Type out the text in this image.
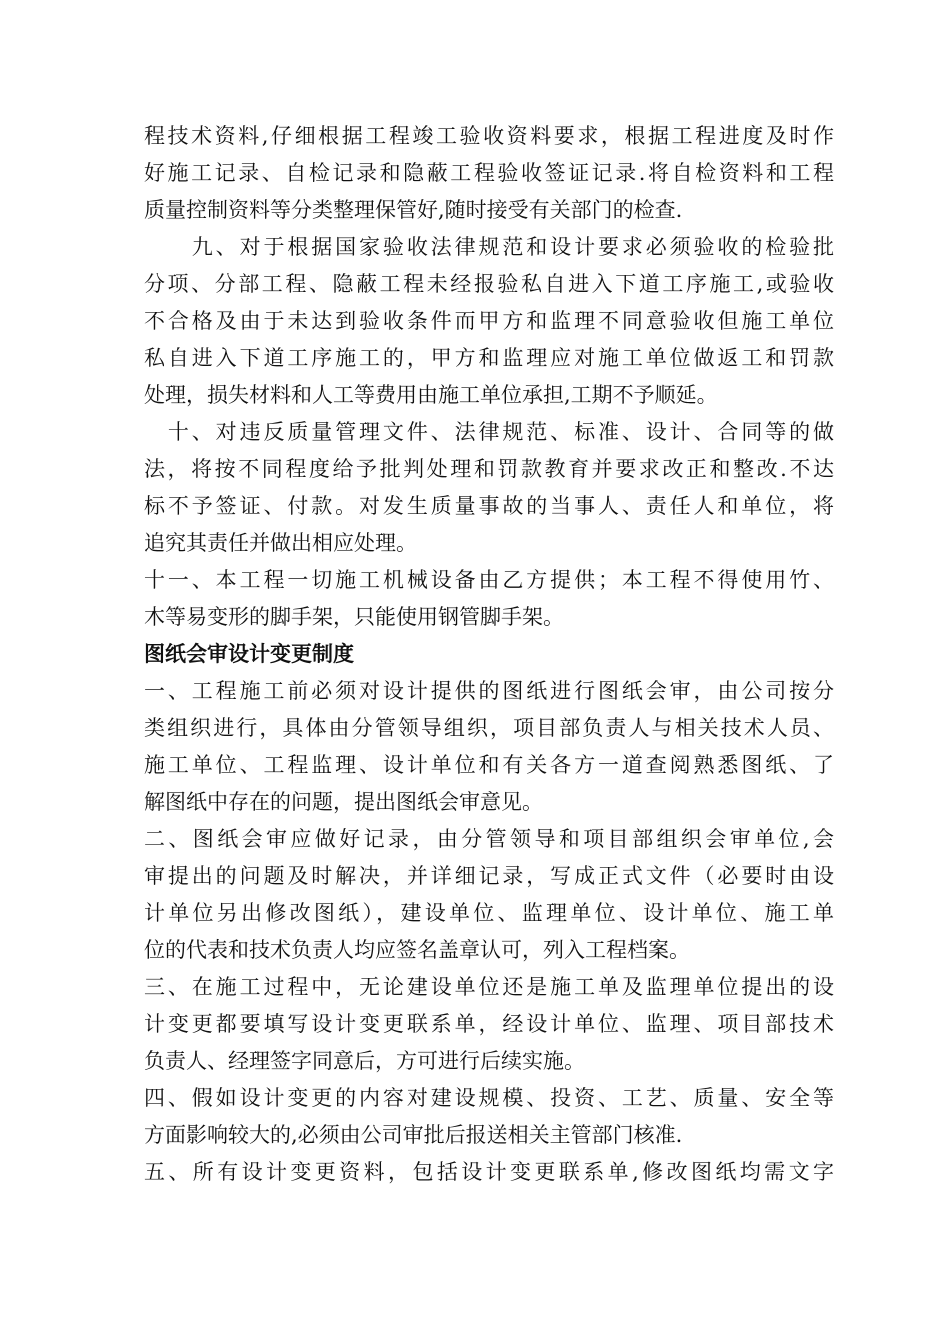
程技术资料,仔细根据工程竣工验收资料要求，根据工程进度及时作
好施工记录、自检记录和隐蔽工程验收签证记录.将自检资料和工程
质量控制资料等分类整理保管好,随时接受有关部门的检查.
　　九、对于根据国家验收法律规范和设计要求必须验收的检验批
分项、分部工程、隐蔽工程未经报验私自进入下道工序施工,或验收
不合格及由于未达到验收条件而甲方和监理不同意验收但施工单位
私自进入下道工序施工的，甲方和监理应对施工单位做返工和罚款
处理，损失材料和人工等费用由施工单位承担,工期不予顺延。
　十、对违反质量管理文件、法律规范、标准、设计、合同等的做
法，将按不同程度给予批判处理和罚款教育并要求改正和整改.不达
标不予签证、付款。对发生质量事故的当事人、责任人和单位，将
追究其责任并做出相应处理。
十一、本工程一切施工机械设备由乙方提供；本工程不得使用竹、
木等易变形的脚手架，只能使用钢管脚手架。
图纸会审设计变更制度
一、工程施工前必须对设计提供的图纸进行图纸会审，由公司按分
类组织进行，具体由分管领导组织，项目部负责人与相关技术人员、
施工单位、工程监理、设计单位和有关各方一道查阅熟悉图纸、了
解图纸中存在的问题，提出图纸会审意见。
二、图纸会审应做好记录，由分管领导和项目部组织会审单位,会
审提出的问题及时解决，并详细记录，写成正式文件（必要时由设
计单位另出修改图纸），建设单位、监理单位、设计单位、施工单
位的代表和技术负责人均应签名盖章认可，列入工程档案。
三、在施工过程中，无论建设单位还是施工单及监理单位提出的设
计变更都要填写设计变更联系单，经设计单位、监理、项目部技术
负责人、经理签字同意后，方可进行后续实施。
四、假如设计变更的内容对建设规模、投资、工艺、质量、安全等
方面影响较大的,必须由公司审批后报送相关主管部门核准.
五、所有设计变更资料，包括设计变更联系单,修改图纸均需文字
